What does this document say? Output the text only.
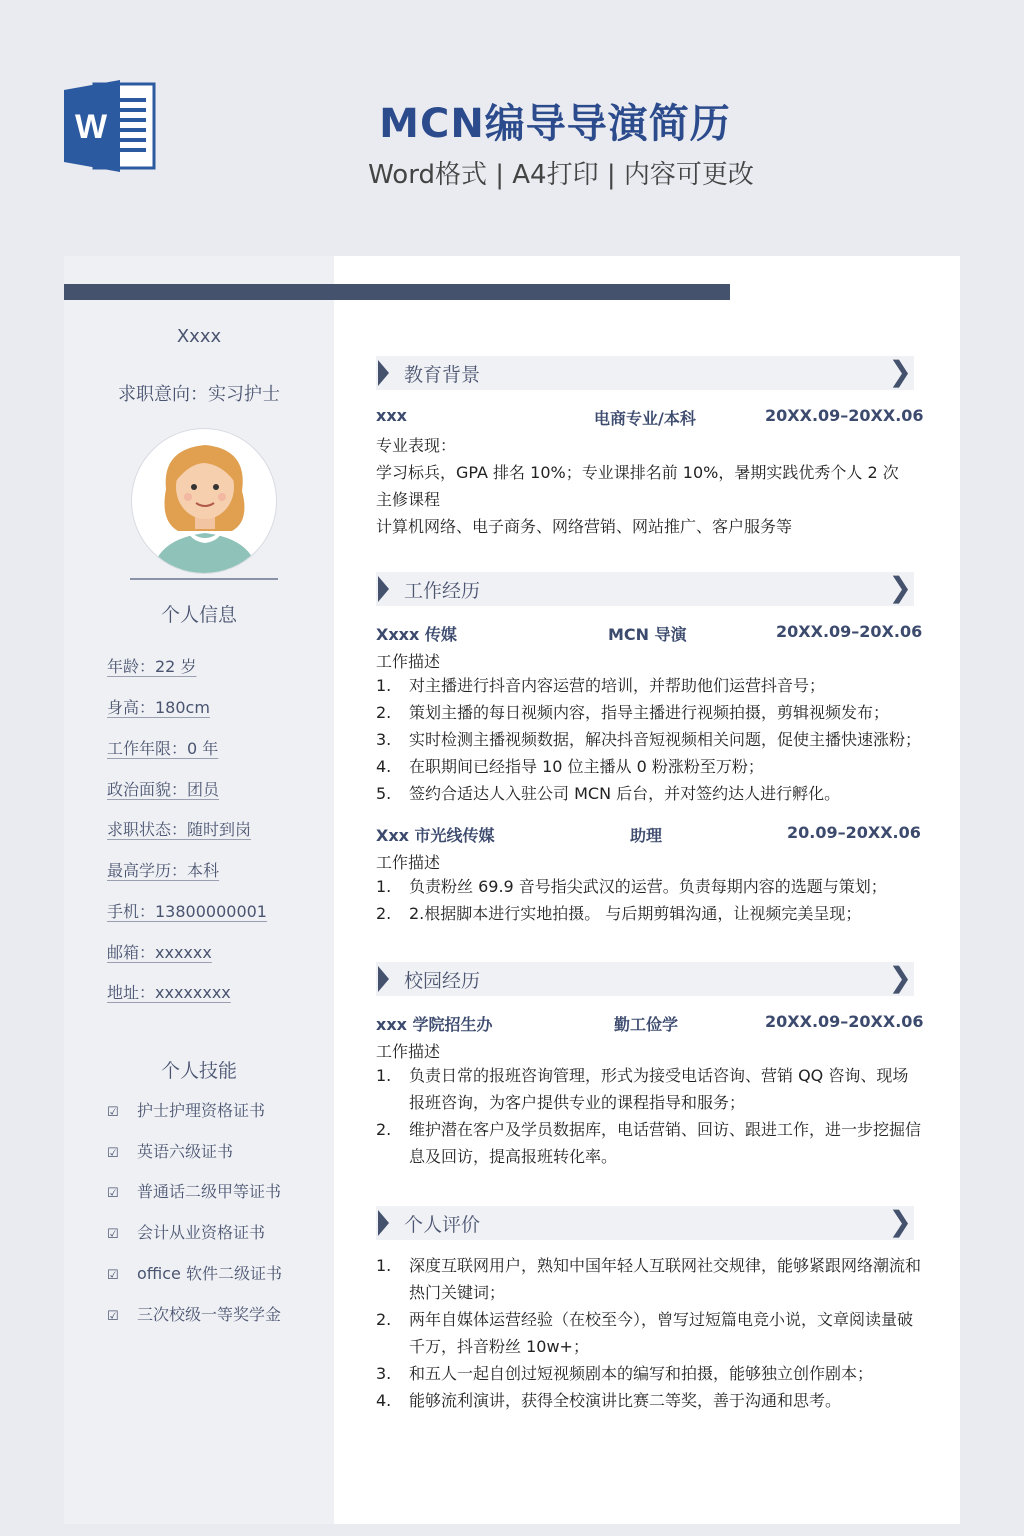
W	MCN编导导演简历
Word格式 | A4打印 | 内容可更改
Xxxx
求职意向：实习护士
个人信息
年龄：22 岁
身高：180cm
工作年限：0 年
政治面貌：团员
求职状态：随时到岗
最高学历：本科
手机：13800000001
邮箱：xxxxxx
地址：xxxxxxxx
个人技能
☑ 护士护理资格证书
☑ 英语六级证书
☑ 普通话二级甲等证书
☑ 会计从业资格证书
☑ office 软件二级证书
☑ 三次校级一等奖学金
教育背景	❯
xxx	电商专业/本科	20XX.09–20XX.06
专业表现：
学习标兵，GPA 排名 10%；专业课排名前 10%，暑期实践优秀个人 2 次
主修课程
计算机网络、电子商务、网络营销、网站推广、客户服务等
工作经历	❯
Xxxx 传媒	MCN 导演	20XX.09–20X.06
工作描述
1. 对主播进行抖音内容运营的培训，并帮助他们运营抖音号；
2. 策划主播的每日视频内容，指导主播进行视频拍摄，剪辑视频发布；
3. 实时检测主播视频数据，解决抖音短视频相关问题，促使主播快速涨粉；
4. 在职期间已经指导 10 位主播从 0 粉涨粉至万粉；
5. 签约合适达人入驻公司 MCN 后台，并对签约达人进行孵化。
Xxx 市光线传媒	助理	20.09–20XX.06
工作描述
1. 负责粉丝 69.9 音号指尖武汉的运营。负责每期内容的选题与策划；
2. 2.根据脚本进行实地拍摄。 与后期剪辑沟通，让视频完美呈现；
校园经历	❯
xxx 学院招生办	勤工俭学	20XX.09–20XX.06
工作描述
1. 负责日常的报班咨询管理，形式为接受电话咨询、营销 QQ 咨询、现场报班咨询，为客户提供专业的课程指导和服务；
2. 维护潜在客户及学员数据库，电话营销、回访、跟进工作，进一步挖掘信息及回访，提高报班转化率。
个人评价	❯
1. 深度互联网用户，熟知中国年轻人互联网社交规律，能够紧跟网络潮流和热门关键词；
2. 两年自媒体运营经验（在校至今），曾写过短篇电竞小说，文章阅读量破千万，抖音粉丝 10w+；
3. 和五人一起自创过短视频剧本的编写和拍摄，能够独立创作剧本；
4. 能够流利演讲，获得全校演讲比赛二等奖，善于沟通和思考。
